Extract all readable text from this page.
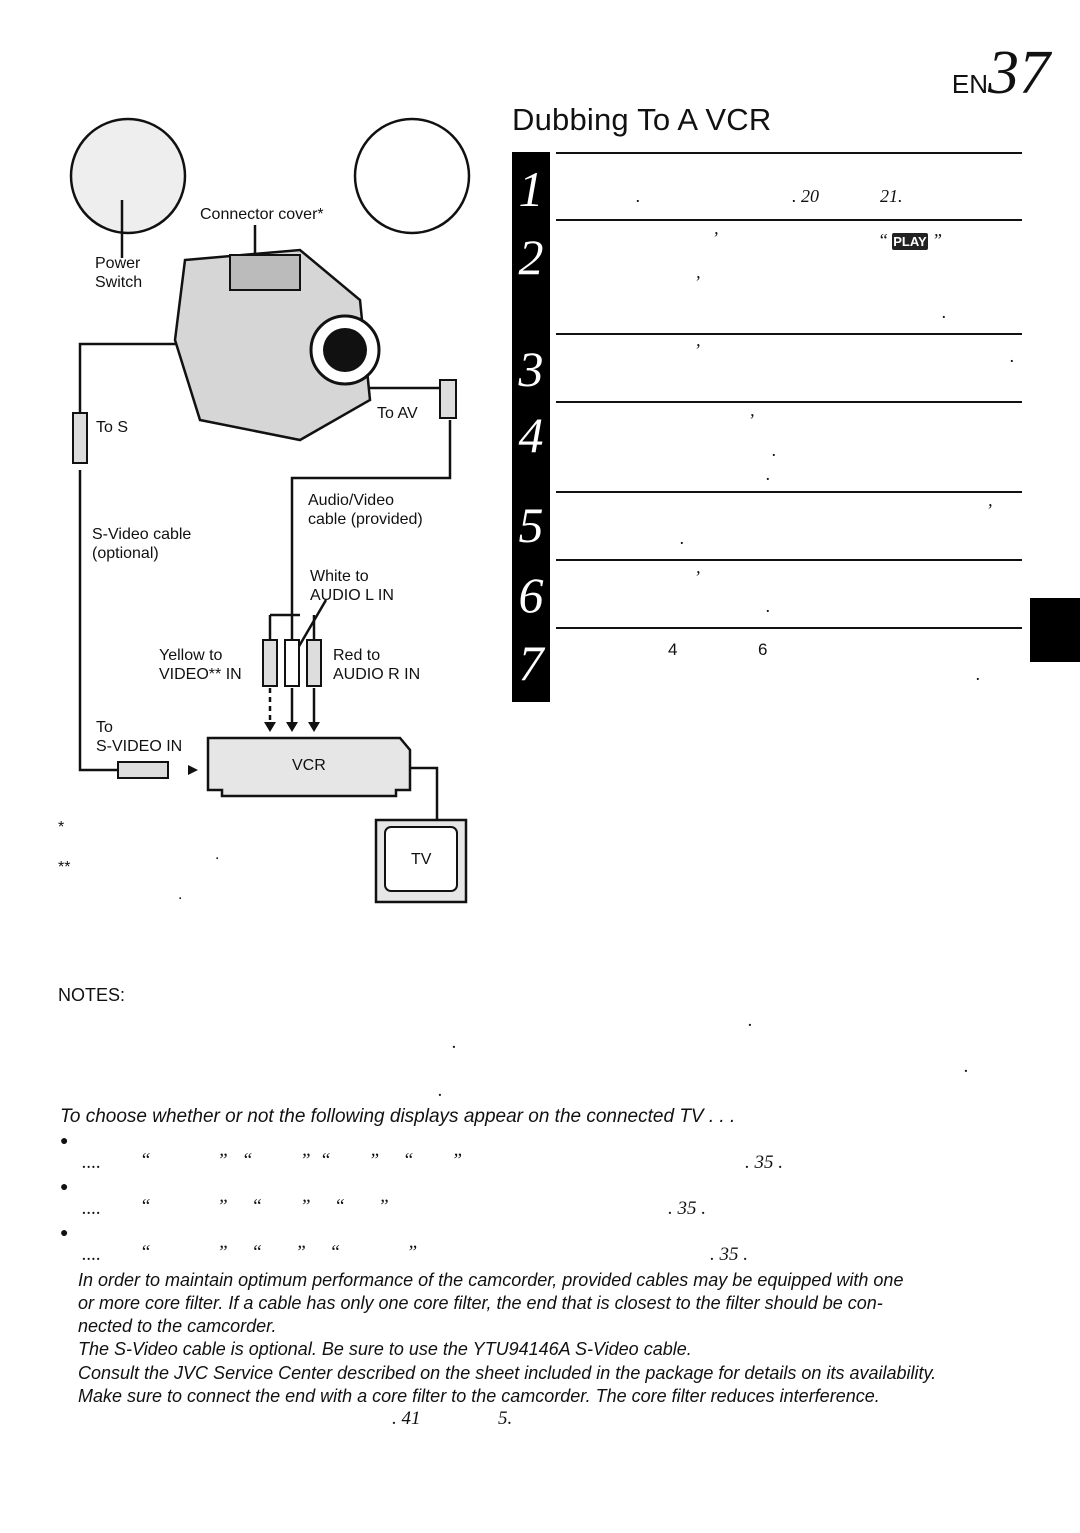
EN37
Dubbing To A VCR
Connector cover*
Power
Switch
To S
To AV
Audio/Video
cable (provided)
S-Video cable
(optional)
White to
AUDIO L IN
Yellow to
VIDEO** IN
Red to
AUDIO R IN
To
S-VIDEO IN
VCR
TV
*
.
**
.
1
2
3
4
5
6
7
.	. 20	21.
’	“ PLAY ”
’
.
’	.
’
.
.
’
.
’
.
4	6
.
NOTES:
.
.
.
.
To choose whether or not the following displays appear on the connected TV . . .
●
.... “              ”   “          ”  “        ”     “        ”	. 35 .
●
.... “              ”     “        ”     “       ”	. 35 .
●
.... “              ”     “       ”     “              ”	. 35 .
In order to maintain optimum performance of the camcorder, provided cables may be equipped with one
or more core filter. If a cable has only one core filter, the end that is closest to the filter should be con-
nected to the camcorder.
The S-Video cable is optional. Be sure to use the YTU94146A S-Video cable.
Consult the JVC Service Center described on the sheet included in the package for details on its availability.
Make sure to connect the end with a core filter to the camcorder. The core filter reduces interference.
. 41	5.
